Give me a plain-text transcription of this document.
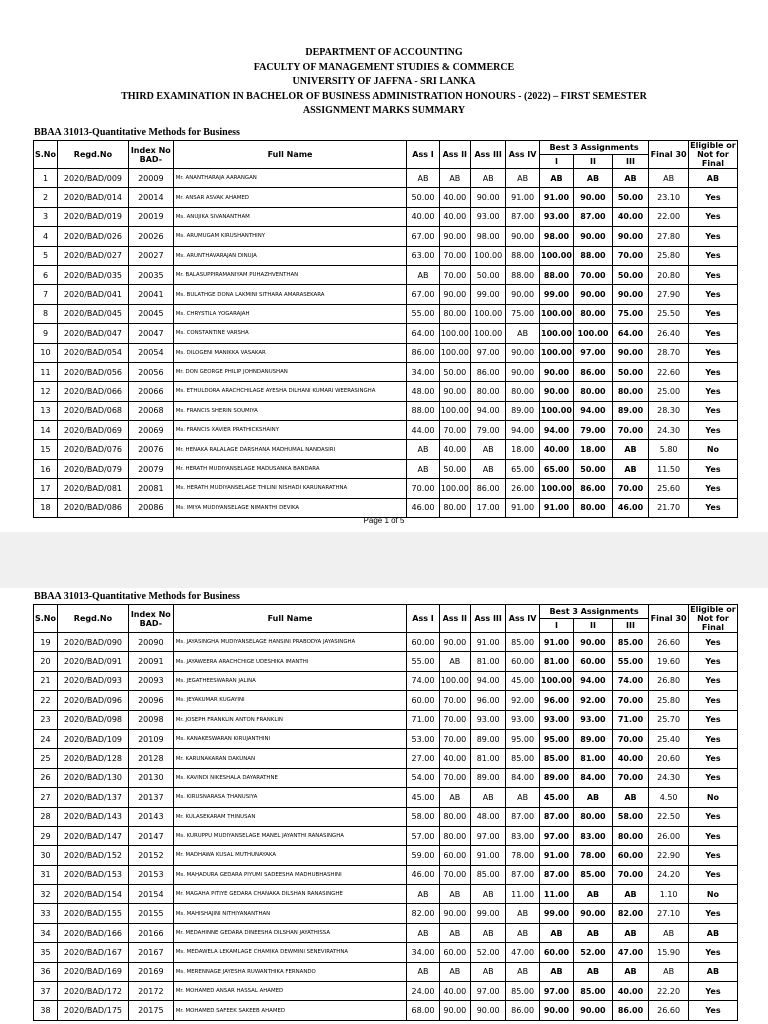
DEPARTMENT OF ACCOUNTING
FACULTY OF MANAGEMENT STUDIES & COMMERCE
UNIVERSITY OF JAFFNA - SRI LANKA
THIRD EXAMINATION IN BACHELOR OF BUSINESS ADMINISTRATION HONOURS - (2022) – FIRST SEMESTER
ASSIGNMENT MARKS SUMMARY
BBAA 31013-Quantitative Methods for Business
S.No	Regd.No	Index No BAD-	Full Name	Ass I	Ass II	Ass III	Ass IV	Best 3 Assignments			Final 30	Eligible or Not for Final
								I	II	III		
1	2020/BAD/009	20009	Mr. ANANTHARAJA AARANGAN	AB	AB	AB	AB	AB	AB	AB	AB	AB
2	2020/BAD/014	20014	Mr. ANSAR ASVAK AHAMED	50.00	40.00	90.00	91.00	91.00	90.00	50.00	23.10	Yes
3	2020/BAD/019	20019	Ms. ANUJIKA SIVANANTHAM	40.00	40.00	93.00	87.00	93.00	87.00	40.00	22.00	Yes
4	2020/BAD/026	20026	Ms. ARUMUGAM KIRUSHANTHINY	67.00	90.00	98.00	90.00	98.00	90.00	90.00	27.80	Yes
5	2020/BAD/027	20027	Ms. ARUNTHAVARAJAN DINUJA	63.00	70.00	100.00	88.00	100.00	88.00	70.00	25.80	Yes
6	2020/BAD/035	20035	Mr. BALASUPPIRAMANIYAM PUHAZHVENTHAN	AB	70.00	50.00	88.00	88.00	70.00	50.00	20.80	Yes
7	2020/BAD/041	20041	Ms. BULATHGE DONA LAKMINI SITHARA AMARASEKARA	67.00	90.00	99.00	90.00	99.00	90.00	90.00	27.90	Yes
8	2020/BAD/045	20045	Ms. CHRYSTILA YOGARAJAH	55.00	80.00	100.00	75.00	100.00	80.00	75.00	25.50	Yes
9	2020/BAD/047	20047	Ms. CONSTANTINE VARSHA	64.00	100.00	100.00	AB	100.00	100.00	64.00	26.40	Yes
10	2020/BAD/054	20054	Ms. DILOGENI MANIKKA VASAKAR	86.00	100.00	97.00	90.00	100.00	97.00	90.00	28.70	Yes
11	2020/BAD/056	20056	Mr. DON GEORGE PHILIP JOHNDANUSHAN	34.00	50.00	86.00	90.00	90.00	86.00	50.00	22.60	Yes
12	2020/BAD/066	20066	Ms. ETHULDORA ARACHCHILAGE AYESHA DILHANI KUMARI WEERASINGHA	48.00	90.00	80.00	80.00	90.00	80.00	80.00	25.00	Yes
13	2020/BAD/068	20068	Ms. FRANCIS SHERIN SOUMIYA	88.00	100.00	94.00	89.00	100.00	94.00	89.00	28.30	Yes
14	2020/BAD/069	20069	Ms. FRANCIS XAVIER PRATHICKSHAINY	44.00	70.00	79.00	94.00	94.00	79.00	70.00	24.30	Yes
15	2020/BAD/076	20076	Mr. HENAKA RALALAGE DARSHANA MADHUMAL NANDASIRI	AB	40.00	AB	18.00	40.00	18.00	AB	5.80	No
16	2020/BAD/079	20079	Mr. HERATH MUDIYANSELAGE MADUSANKA BANDARA	AB	50.00	AB	65.00	65.00	50.00	AB	11.50	Yes
17	2020/BAD/081	20081	Ms. HERATH MUDIYANSELAGE THILINI NISHADI KARUNARATHNA	70.00	100.00	86.00	26.00	100.00	86.00	70.00	25.60	Yes
18	2020/BAD/086	20086	Ms. IMIYA MUDIYANSELAGE NIMANTHI DEVIKA	46.00	80.00	17.00	91.00	91.00	80.00	46.00	21.70	Yes
Page 1 of 5
BBAA 31013-Quantitative Methods for Business
S.No	Regd.No	Index No BAD-	Full Name	Ass I	Ass II	Ass III	Ass IV	Best 3 Assignments			Final 30	Eligible or Not for Final
								I	II	III		
19	2020/BAD/090	20090	Ms. JAYASINGHA MUDIYANSELAGE HANSINI PRABODYA JAYASINGHA	60.00	90.00	91.00	85.00	91.00	90.00	85.00	26.60	Yes
20	2020/BAD/091	20091	Ms. JAYAWEERA ARACHCHIGE UDESHIKA IMANTHI	55.00	AB	81.00	60.00	81.00	60.00	55.00	19.60	Yes
21	2020/BAD/093	20093	Ms. JEGATHEESWARAN JALINA	74.00	100.00	94.00	45.00	100.00	94.00	74.00	26.80	Yes
22	2020/BAD/096	20096	Ms. JEYAKUMAR KUGAYINI	60.00	70.00	96.00	92.00	96.00	92.00	70.00	25.80	Yes
23	2020/BAD/098	20098	Mr. JOSEPH FRANKLIN ANTON FRANKLIN	71.00	70.00	93.00	93.00	93.00	93.00	71.00	25.70	Yes
24	2020/BAD/109	20109	Ms. KANAKESWARAN KIRUJANTHINI	53.00	70.00	89.00	95.00	95.00	89.00	70.00	25.40	Yes
25	2020/BAD/128	20128	Mr. KARUNAKARAN DAKUNAN	27.00	40.00	81.00	85.00	85.00	81.00	40.00	20.60	Yes
26	2020/BAD/130	20130	Ms. KAVINDI NIKESHALA DAYARATHNE	54.00	70.00	89.00	84.00	89.00	84.00	70.00	24.30	Yes
27	2020/BAD/137	20137	Ms. KIRUSNARASA THANUSIYA	45.00	AB	AB	AB	45.00	AB	AB	4.50	No
28	2020/BAD/143	20143	Mr. KULASEKARAM THINUSAN	58.00	80.00	48.00	87.00	87.00	80.00	58.00	22.50	Yes
29	2020/BAD/147	20147	Ms. KURUPPU MUDIYANSELAGE MANEL JAYANTHI RANASINGHA	57.00	80.00	97.00	83.00	97.00	83.00	80.00	26.00	Yes
30	2020/BAD/152	20152	Mr. MADHAWA KUSAL MUTHUNAYAKA	59.00	60.00	91.00	78.00	91.00	78.00	60.00	22.90	Yes
31	2020/BAD/153	20153	Ms. MAHADURA GEDARA PIYUMI SADEESHA MADHUBHASHINI	46.00	70.00	85.00	87.00	87.00	85.00	70.00	24.20	Yes
32	2020/BAD/154	20154	Mr. MAGAHA PITIYE GEDARA CHANAKA DILSHAN RANASINGHE	AB	AB	AB	11.00	11.00	AB	AB	1.10	No
33	2020/BAD/155	20155	Ms. MAHISHAJINI NITHIYANANTHAN	82.00	90.00	99.00	AB	99.00	90.00	82.00	27.10	Yes
34	2020/BAD/166	20166	Mr. MEDAHINNE GEDARA DINEESHA DILSHAN JAYATHISSA	AB	AB	AB	AB	AB	AB	AB	AB	AB
35	2020/BAD/167	20167	Ms. MEDAWELA LEKAMLAGE CHAMIKA DEWMINI SENEVIRATHNA	34.00	60.00	52.00	47.00	60.00	52.00	47.00	15.90	Yes
36	2020/BAD/169	20169	Ms. MERENNAGE JAYESHA RUWANTHIKA FERNANDO	AB	AB	AB	AB	AB	AB	AB	AB	AB
37	2020/BAD/172	20172	Mr. MOHAMED ANSAR HASSAL AHAMED	24.00	40.00	97.00	85.00	97.00	85.00	40.00	22.20	Yes
38	2020/BAD/175	20175	Mr. MOHAMED SAFEEK SAKEEB AHAMED	68.00	90.00	90.00	86.00	90.00	90.00	86.00	26.60	Yes
